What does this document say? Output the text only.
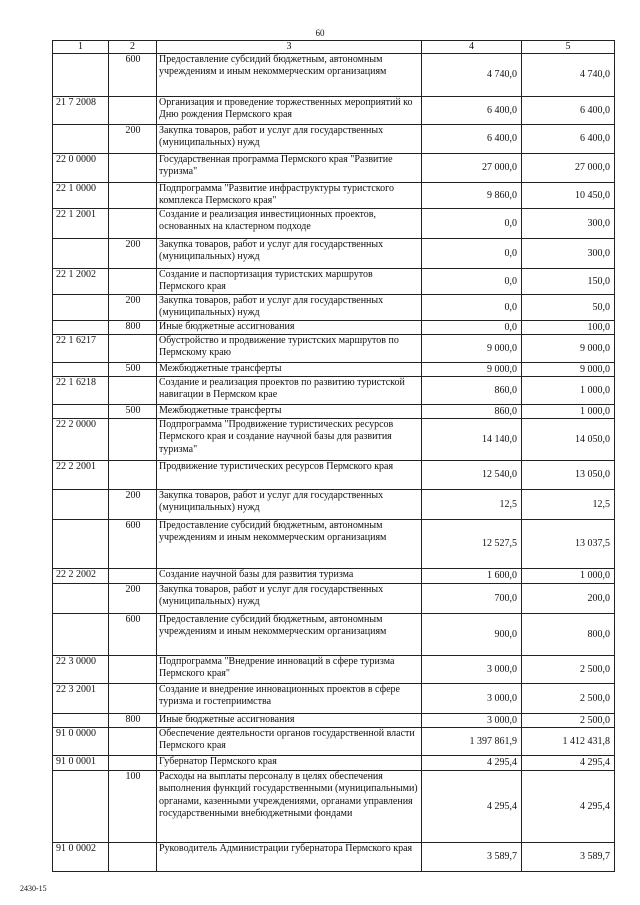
60
1	2	3	4	5
	600	Предоставление субсидий бюджетным, автономным учреждениям и иным некоммерческим организациям	4 740,0	4 740,0
21 7 2008		Организация и проведение торжественных мероприятий ко Дню рождения Пермского края	6 400,0	6 400,0
	200	Закупка товаров, работ и услуг для государственных (муниципальных) нужд	6 400,0	6 400,0
22 0 0000		Государственная программа Пермского края "Развитие туризма"	27 000,0	27 000,0
22 1 0000		Подпрограмма "Развитие инфраструктуры туристского комплекса Пермского края"	9 860,0	10 450,0
22 1 2001		Создание и реализация инвестиционных проектов, основанных на кластерном подходе	0,0	300,0
	200	Закупка товаров, работ и услуг для государственных (муниципальных) нужд	0,0	300,0
22 1 2002		Создание и паспортизация туристских маршрутов Пермского края	0,0	150,0
	200	Закупка товаров, работ и услуг для государственных (муниципальных) нужд	0,0	50,0
	800	Иные бюджетные ассигнования	0,0	100,0
22 1 6217		Обустройство и продвижение туристских маршрутов по Пермскому краю	9 000,0	9 000,0
	500	Межбюджетные трансферты	9 000,0	9 000,0
22 1 6218		Создание и реализация проектов по развитию туристской навигации в Пермском крае	860,0	1 000,0
	500	Межбюджетные трансферты	860,0	1 000,0
22 2 0000		Подпрограмма "Продвижение туристических ресурсов Пермского края и создание научной базы для развития туризма"	14 140,0	14 050,0
22 2 2001		Продвижение туристических ресурсов Пермского края	12 540,0	13 050,0
	200	Закупка товаров, работ и услуг для государственных (муниципальных) нужд	12,5	12,5
	600	Предоставление субсидий бюджетным, автономным учреждениям и иным некоммерческим организациям	12 527,5	13 037,5
22 2 2002		Создание научной базы для развития туризма	1 600,0	1 000,0
	200	Закупка товаров, работ и услуг для государственных (муниципальных) нужд	700,0	200,0
	600	Предоставление субсидий бюджетным, автономным учреждениям и иным некоммерческим организациям	900,0	800,0
22 3 0000		Подпрограмма "Внедрение инноваций в сфере туризма Пермского края"	3 000,0	2 500,0
22 3 2001		Создание и внедрение инновационных проектов в сфере туризма и гостеприимства	3 000,0	2 500,0
	800	Иные бюджетные ассигнования	3 000,0	2 500,0
91 0 0000		Обеспечение деятельности органов государственной власти Пермского края	1 397 861,9	1 412 431,8
91 0 0001		Губернатор Пермского края	4 295,4	4 295,4
	100	Расходы на выплаты персоналу в целях обеспечения выполнения функций государственными (муниципальными) органами, казенными учреждениями, органами управления государственными внебюджетными фондами	4 295,4	4 295,4
91 0 0002		Руководитель Администрации губернатора Пермского края	3 589,7	3 589,7
2430-15
